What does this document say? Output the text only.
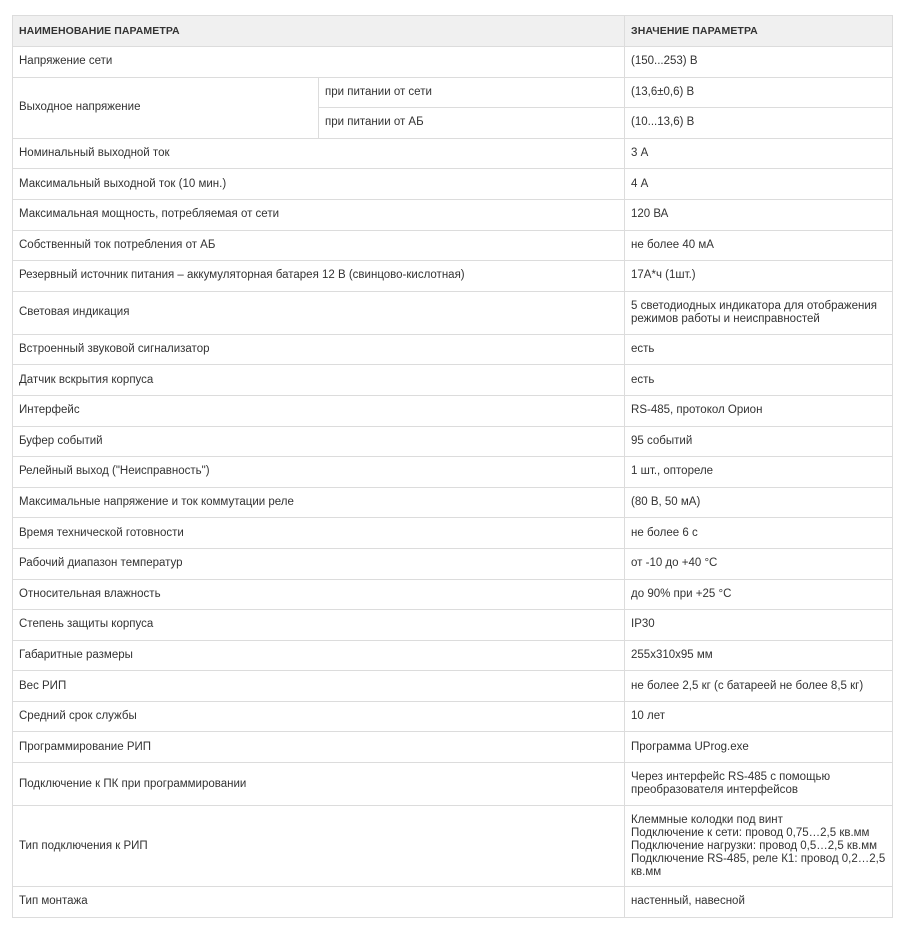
НАИМЕНОВАНИЕ ПАРАМЕТРА		ЗНАЧЕНИЕ ПАРАМЕТРА
Напряжение сети		(150...253) В
Выходное напряжение	при питании от сети	(13,6±0,6) В
	при питании от АБ	(10...13,6) В
Номинальный выходной ток		3 А
Максимальный выходной ток (10 мин.)		4 А
Максимальная мощность, потребляемая от сети		120 ВА
Собственный ток потребления от АБ		не более 40 мА
Резервный источник питания – аккумуляторная батарея 12 В (свинцово-кислотная)		17А*ч (1шт.)
Световая индикация		5 светодиодных индикатора для отображения режимов работы и неисправностей
Встроенный звуковой сигнализатор		есть
Датчик вскрытия корпуса		есть
Интерфейс		RS-485, протокол Орион
Буфер событий		95 событий
Релейный выход ("Неисправность")		1 шт., оптореле
Максимальные напряжение и ток коммутации реле		(80 В, 50 мА)
Время технической готовности		не более 6 с
Рабочий диапазон температур		от -10 до +40 °С
Относительная влажность		до 90% при +25 °С
Степень защиты корпуса		IP30
Габаритные размеры		255х310х95 мм
Вес РИП		не более 2,5 кг (с батареей не более 8,5 кг)
Средний срок службы		10 лет
Программирование РИП		Программа UProg.exe
Подключение к ПК при программировании		Через интерфейс RS-485 с помощью преобразователя интерфейсов
Тип подключения к РИП		Клеммные колодки под винт
Подключение к сети: провод 0,75…2,5 кв.мм
Подключение нагрузки: провод 0,5…2,5 кв.мм
Подключение RS-485, реле К1: провод 0,2…2,5 кв.мм
Тип монтажа		настенный, навесной
